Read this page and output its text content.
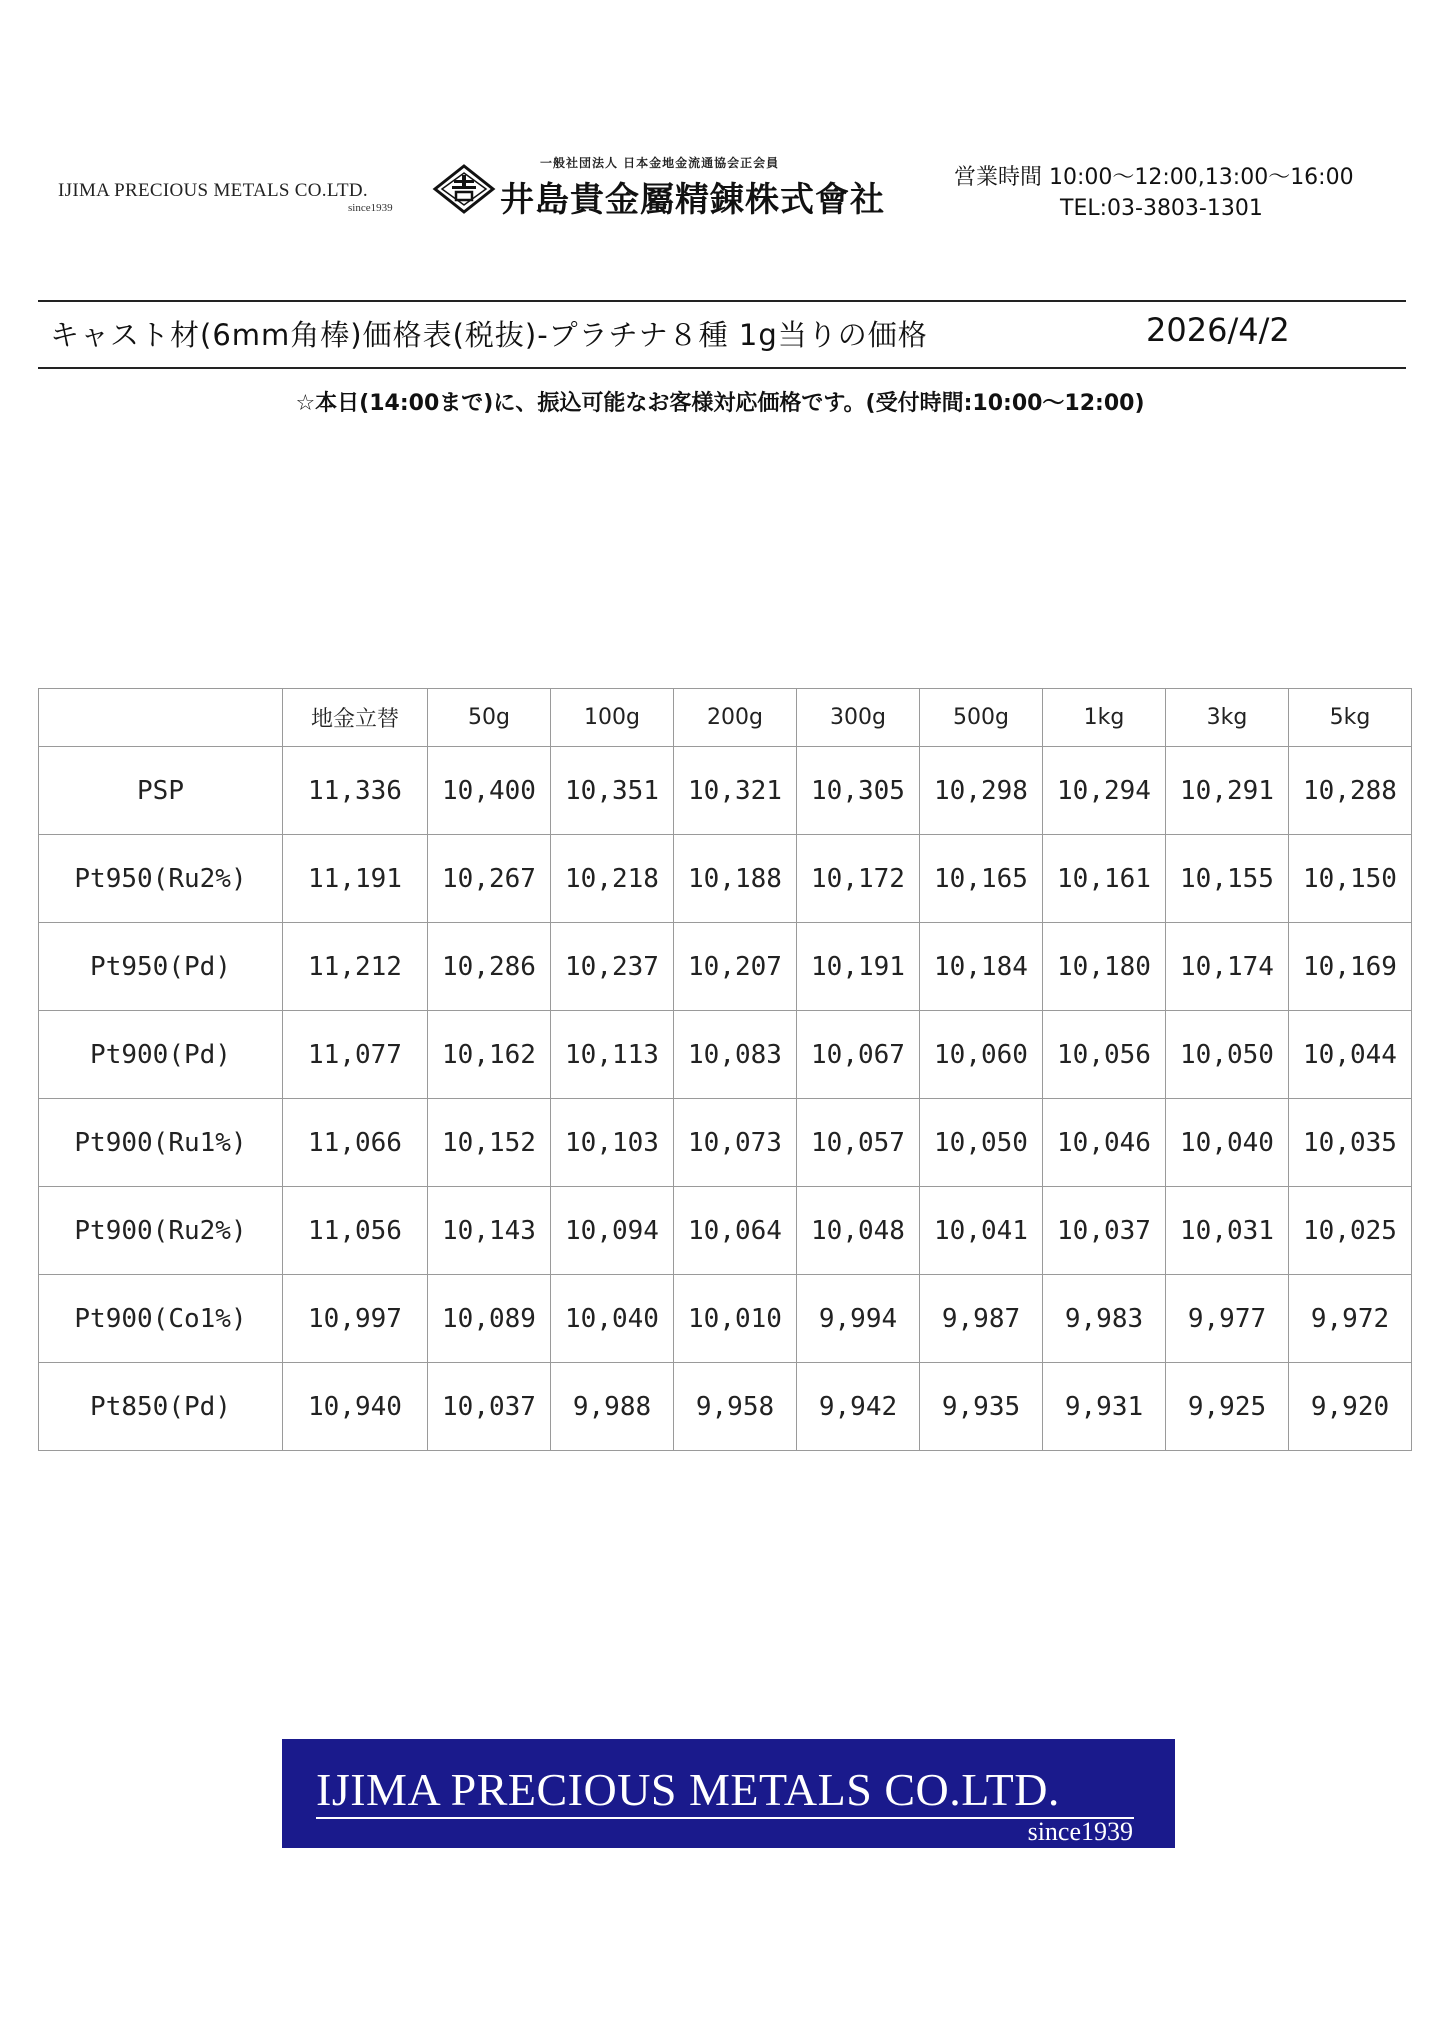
IJIMA PRECIOUS METALS CO.LTD.
since1939
一般社団法人 日本金地金流通協会正会員
井島貴金屬精錬株式會社
営業時間 10:00〜12:00,13:00〜16:00
TEL:03-3803-1301
キャスト材(6mm角棒)価格表(税抜)-プラチナ８種 1g当りの価格	2026/4/2
☆本日(14:00まで)に、振込可能なお客様対応価格です。(受付時間:10:00〜12:00)
	地金立替	50g	100g	200g	300g	500g	1kg	3kg	5kg
PSP	11,336	10,400	10,351	10,321	10,305	10,298	10,294	10,291	10,288
Pt950(Ru2%)	11,191	10,267	10,218	10,188	10,172	10,165	10,161	10,155	10,150
Pt950(Pd)	11,212	10,286	10,237	10,207	10,191	10,184	10,180	10,174	10,169
Pt900(Pd)	11,077	10,162	10,113	10,083	10,067	10,060	10,056	10,050	10,044
Pt900(Ru1%)	11,066	10,152	10,103	10,073	10,057	10,050	10,046	10,040	10,035
Pt900(Ru2%)	11,056	10,143	10,094	10,064	10,048	10,041	10,037	10,031	10,025
Pt900(Co1%)	10,997	10,089	10,040	10,010	9,994	9,987	9,983	9,977	9,972
Pt850(Pd)	10,940	10,037	9,988	9,958	9,942	9,935	9,931	9,925	9,920
IJIMA PRECIOUS METALS CO.LTD.
since1939
